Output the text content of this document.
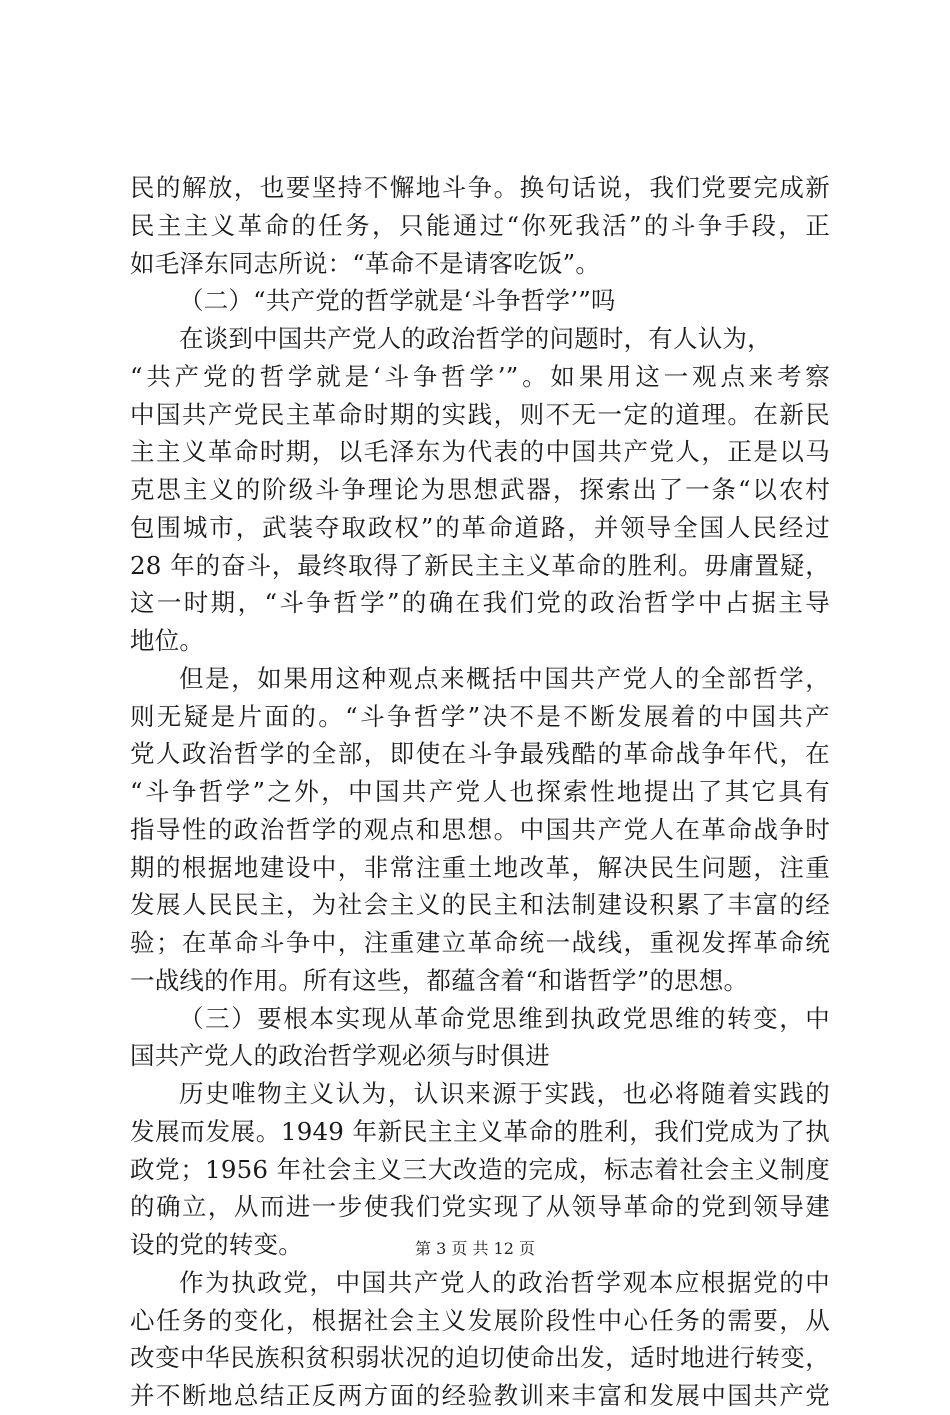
民的解放，也要坚持不懈地斗争。换句话说，我们党要完成新
民主主义革命的任务，只能通过“你死我活”的斗争手段，正
如毛泽东同志所说：“革命不是请客吃饭”。
（二）“共产党的哲学就是‘斗争哲学’”吗
在谈到中国共产党人的政治哲学的问题时，有人认为，
“共产党的哲学就是‘斗争哲学’”。如果用这一观点来考察
中国共产党民主革命时期的实践，则不无一定的道理。在新民
主主义革命时期，以毛泽东为代表的中国共产党人，正是以马
克思主义的阶级斗争理论为思想武器，探索出了一条“以农村
包围城市，武装夺取政权”的革命道路，并领导全国人民经过
28 年的奋斗，最终取得了新民主主义革命的胜利。毋庸置疑，
这一时期，“斗争哲学”的确在我们党的政治哲学中占据主导
地位。
但是，如果用这种观点来概括中国共产党人的全部哲学，
则无疑是片面的。“斗争哲学”决不是不断发展着的中国共产
党人政治哲学的全部，即使在斗争最残酷的革命战争年代，在
“斗争哲学”之外，中国共产党人也探索性地提出了其它具有
指导性的政治哲学的观点和思想。中国共产党人在革命战争时
期的根据地建设中，非常注重土地改革，解决民生问题，注重
发展人民民主，为社会主义的民主和法制建设积累了丰富的经
验；在革命斗争中，注重建立革命统一战线，重视发挥革命统
一战线的作用。所有这些，都蕴含着“和谐哲学”的思想。
（三）要根本实现从革命党思维到执政党思维的转变，中
国共产党人的政治哲学观必须与时俱进
历史唯物主义认为，认识来源于实践，也必将随着实践的
发展而发展。1949 年新民主主义革命的胜利，我们党成为了执
政党；1956 年社会主义三大改造的完成，标志着社会主义制度
的确立，从而进一步使我们党实现了从领导革命的党到领导建
设的党的转变。
作为执政党，中国共产党人的政治哲学观本应根据党的中
心任务的变化，根据社会主义发展阶段性中心任务的需要，从
改变中华民族积贫积弱状况的迫切使命出发，适时地进行转变，
并不断地总结正反两方面的经验教训来丰富和发展中国共产党
第 3 页 共 12 页
